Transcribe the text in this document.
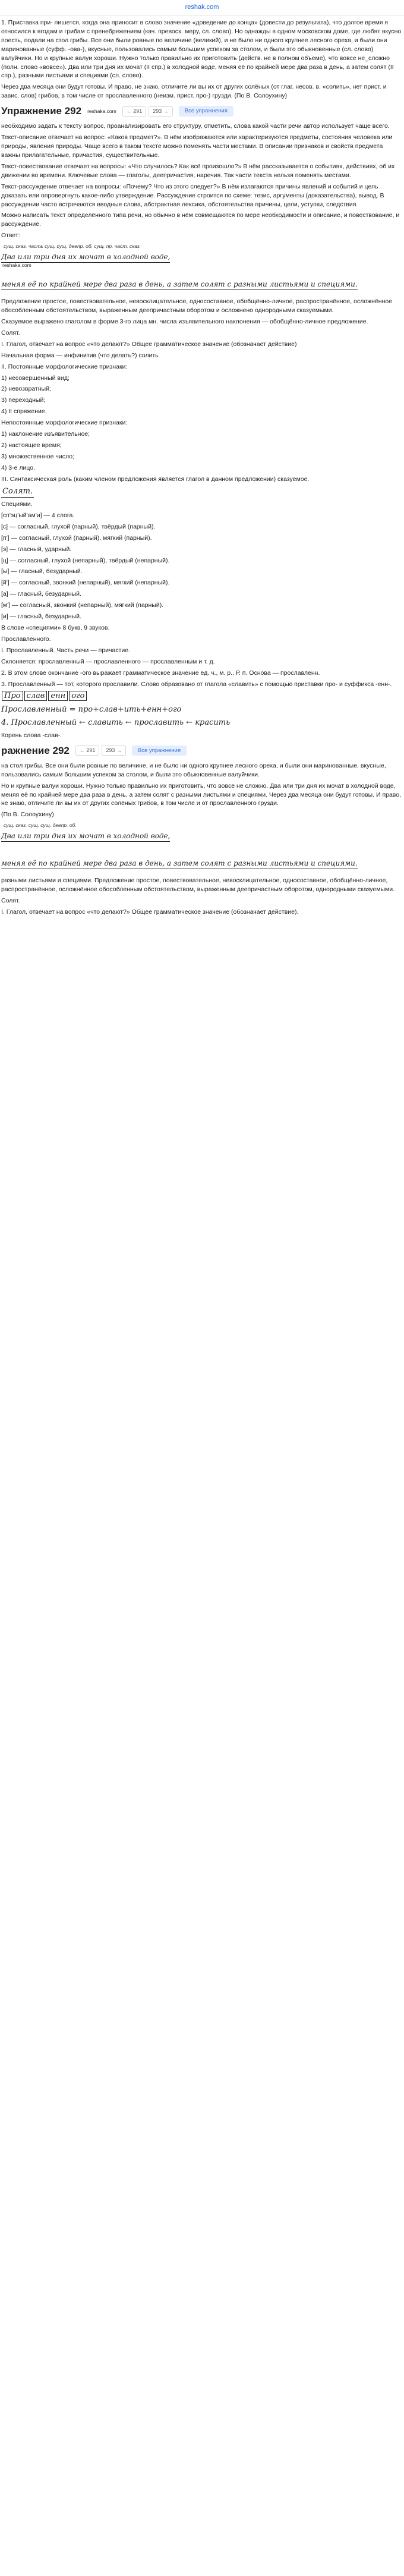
reshak.com

1. Приставка при- пишется, когда она приносит в слово значение «доведение до конца» (довести до результата), что долгое время я относился к ягодам и грибам с пренебрежением (кач. превосх. меру, сл. слово). Но однажды в одном московском доме, где любят вкусно поесть, подали на стол грибы. Все они были ровные по величине (великий), и не было ни одного крупнее лесного ореха, и были они маринованные (суфф. -ова-), вкусные, пользовались самым большим успехом за столом, и были это обыкновенные (сл. слово) валуйчики. Но и крупные валуи хороши. Нужно только правильно их приготовить (действ. не в полном объеме), что вовсе не_сложно (полн. слово «вовсе»). Два или три дня их мочат (II спр.) в холодной воде, меняя её по крайней мере два раза в день, а затем солят (II спр.), разными листьями и специями (сл. слово).

Через два месяца они будут готовы. И право, не знаю, отличите ли вы их от других солёных (от глаг. несов. в. «солить», нет прист. и завис. слов) грибов, в том числе от прославленного (неизм. прист. про-) грузди. (По В. Солоухину)

Упражнение 292 reshaka.com	← 291	293 →	Все упражнения

необходимо задать к тексту вопрос, проанализировать его структуру, отметить, слова какой части речи автор использует чаще всего.

Текст-описание отвечает на вопрос: «Каков предмет?». В нём изображаются или характеризуются предметы, состояния человека или природы, явления природы. Чаще всего в таком тексте можно поменять части местами. В описании признаков и свойств предмета важны прилагательные, причастия, существительные.

Текст-повествование отвечает на вопросы: «Что случилось? Как всё произошло?» В нём рассказывается о событиях, действиях, об их движении во времени. Ключевые слова — глаголы, деепричастия, наречия. Так части текста нельзя поменять местами.

Текст-рассуждение отвечает на вопросы: «Почему? Что из этого следует?» В нём излагаются причины явлений и событий и цель доказать или опровергнуть какое-либо утверждение. Рассуждение строится по схеме: тезис, аргументы (доказательства), вывод. В рассуждении часто встречаются вводные слова, абстрактная лексика, обстоятельства причины, цели, уступки, следствия.

Можно написать текст определённого типа речи, но обычно в нём совмещаются по мере необходимости и описание, и повествование, и рассуждение.

Ответ:

сущ. сказ. часть сущ. сущ. деепр. об. сущ. пр. част. сказ.
Два или три дня их мочат в холодной воде,
reshaka.com
меняя её по крайней мере два раза в день, а затем солят с разными листьями и специями.

Предложение простое, повествовательное, невосклицательное, односоставное, обобщённо-личное, распространённое, осложнённое обособленным обстоятельством, выраженным деепричастным оборотом и осложнено однородными сказуемыми.

Сказуемое выражено глаголом в форме 3-го лица мн. числа изъявительного наклонения — обобщённо-личное предложение.

Солят.

I. Глагол, отвечает на вопрос «что делают?» Общее грамматическое значение (обозначает действие)

Начальная форма — инфинитив (что делать?) солить

II. Постоянные морфологические признаки:

1) несовершенный вид;

2) невозвратный;

3) переходный;

4) II спряжение.

Непостоянные морфологические признаки:

1) наклонение изъявительное;

2) настоящее время;

3) множественное число;

4) 3-е лицо.

III. Синтаксическая роль (каким членом предложения является глагол в данном предложении) сказуемое.

Солят.

Специями.

[сп'эц'ый'ам'и] — 4 слога.

[с] — согласный, глухой (парный), твёрдый (парный).

[п'] — согласный, глухой (парный), мягкий (парный).

[э] — гласный, ударный.

[ц] — согласный, глухой (непарный), твёрдый (непарный).

[ы] — гласный, безударный.

[й'] — согласный, звонкий (непарный), мягкий (непарный).

[а] — гласный, безударный.

[м'] — согласный, звонкий (непарный), мягкий (парный).

[и] — гласный, безударный.

В слове «специями» 8 букв, 9 звуков.

Прославленного.

I. Прославленный. Часть речи — причастие.

Склоняется: прославленный — прославленного — прославленным и т. д.

2. В этом слове окончание -ого выражает грамматическое значение ед. ч., м. р., Р. п. Основа — прославленн.

3. Прославленный — тот, которого прославили. Слово образовано от глагола «славить» с помощью приставки про- и суффикса -енн-.

Про слав енн ого

Прославленный = про+слав+ить+енн+ого

4. Прославленный ← славить ← прославить ← красить

Корень слова -слав-.

ражнение 292	← 291	293 →	Все упражнения

на стол грибы. Все они были ровные по величине, и не было ни одного крупнее лесного ореха, и были они маринованные, вкусные, пользовались самым большим успехом за столом, и были это обыкновенные валуйчики.

Но и крупные валуи хороши. Нужно только правильно их приготовить, что вовсе не сложно. Два или три дня их мочат в холодной воде, меняя её по крайней мере два раза в день, а затем солят с разными листьями и специями. Через два месяца они будут готовы. И право, не знаю, отличите ли вы их от других солёных грибов, в том числе и от прославленного грузди.

(По В. Солоухину)

сущ. сказ. сущ. сущ. деепр. об.
Два или три дня их мочат в холодной воде,
меняя её по крайней мере два раза в день, а затем солят с разными листьями и специями.

разными листьями и специями. Предложение простое, повествовательное, невосклицательное, односоставное, обобщённо-личное, распространённое, осложнённое обособленным обстоятельством, выраженным деепричастным оборотом, однородными сказуемыми.

Солят.

I. Глагол, отвечает на вопрос «что делают?» Общее грамматическое значение (обозначает действие).
